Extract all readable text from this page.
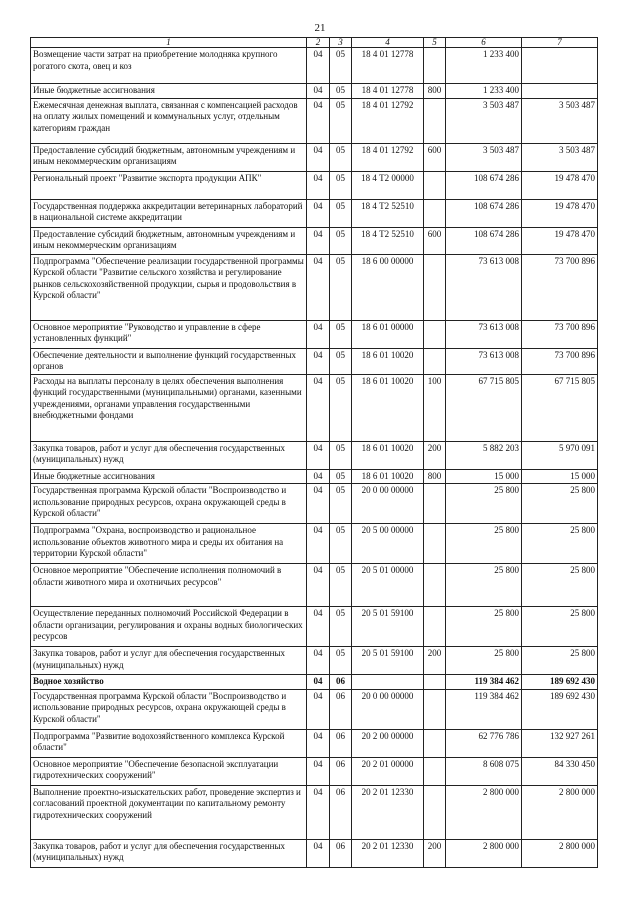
21
1	2	3	4	5	6	7
Возмещение части затрат на приобретение молодняка крупного рогатого скота, овец и коз	04	05	18 4 01 12778		1 233 400	
Иные бюджетные ассигнования	04	05	18 4 01 12778	800	1 233 400	
Ежемесячная денежная выплата, связанная с компенсацией расходов на оплату жилых помещений и коммунальных услуг, отдельным категориям граждан	04	05	18 4 01 12792		3 503 487	3 503 487
Предоставление субсидий бюджетным, автономным учреждениям и иным некоммерческим организациям	04	05	18 4 01 12792	600	3 503 487	3 503 487
Региональный проект "Развитие экспорта продукции АПК"	04	05	18 4 Т2 00000		108 674 286	19 478 470
Государственная поддержка аккредитации ветеринарных лабораторий в национальной системе аккредитации	04	05	18 4 Т2 52510		108 674 286	19 478 470
Предоставление субсидий бюджетным, автономным учреждениям и иным некоммерческим организациям	04	05	18 4 Т2 52510	600	108 674 286	19 478 470
Подпрограмма "Обеспечение реализации государственной программы Курской области "Развитие сельского хозяйства и регулирование рынков сельскохозяйственной продукции, сырья и продовольствия в Курской области"	04	05	18 6 00 00000		73 613 008	73 700 896
Основное мероприятие "Руководство и управление в сфере установленных функций"	04	05	18 6 01 00000		73 613 008	73 700 896
Обеспечение деятельности и выполнение функций государственных органов	04	05	18 6 01 10020		73 613 008	73 700 896
Расходы на выплаты персоналу в целях обеспечения выполнения функций государственными (муниципальными) органами, казенными учреждениями, органами управления государственными внебюджетными фондами	04	05	18 6 01 10020	100	67 715 805	67 715 805
Закупка товаров, работ и услуг для обеспечения государственных (муниципальных) нужд	04	05	18 6 01 10020	200	5 882 203	5 970 091
Иные бюджетные ассигнования	04	05	18 6 01 10020	800	15 000	15 000
Государственная программа Курской области "Воспроизводство и использование природных ресурсов, охрана окружающей среды в Курской области"	04	05	20 0 00 00000		25 800	25 800
Подпрограмма "Охрана, воспроизводство и рациональное использование объектов животного мира и среды их обитания на территории Курской области"	04	05	20 5 00 00000		25 800	25 800
Основное мероприятие "Обеспечение исполнения полномочий в области животного мира и охотничьих ресурсов"	04	05	20 5 01 00000		25 800	25 800
Осуществление переданных полномочий Российской Федерации в области организации, регулирования и охраны водных биологических ресурсов	04	05	20 5 01 59100		25 800	25 800
Закупка товаров, работ и услуг для обеспечения государственных (муниципальных) нужд	04	05	20 5 01 59100	200	25 800	25 800
Водное хозяйство	04	06			119 384 462	189 692 430
Государственная программа Курской области "Воспроизводство и использование природных ресурсов, охрана окружающей среды в Курской области"	04	06	20 0 00 00000		119 384 462	189 692 430
Подпрограмма "Развитие водохозяйственного комплекса Курской области"	04	06	20 2 00 00000		62 776 786	132 927 261
Основное мероприятие "Обеспечение безопасной эксплуатации гидротехнических сооружений"	04	06	20 2 01 00000		8 608 075	84 330 450
Выполнение проектно-изыскательских работ, проведение экспертиз и согласований проектной документации по капитальному ремонту гидротехнических сооружений	04	06	20 2 01 12330		2 800 000	2 800 000
Закупка товаров, работ и услуг для обеспечения государственных (муниципальных) нужд	04	06	20 2 01 12330	200	2 800 000	2 800 000
